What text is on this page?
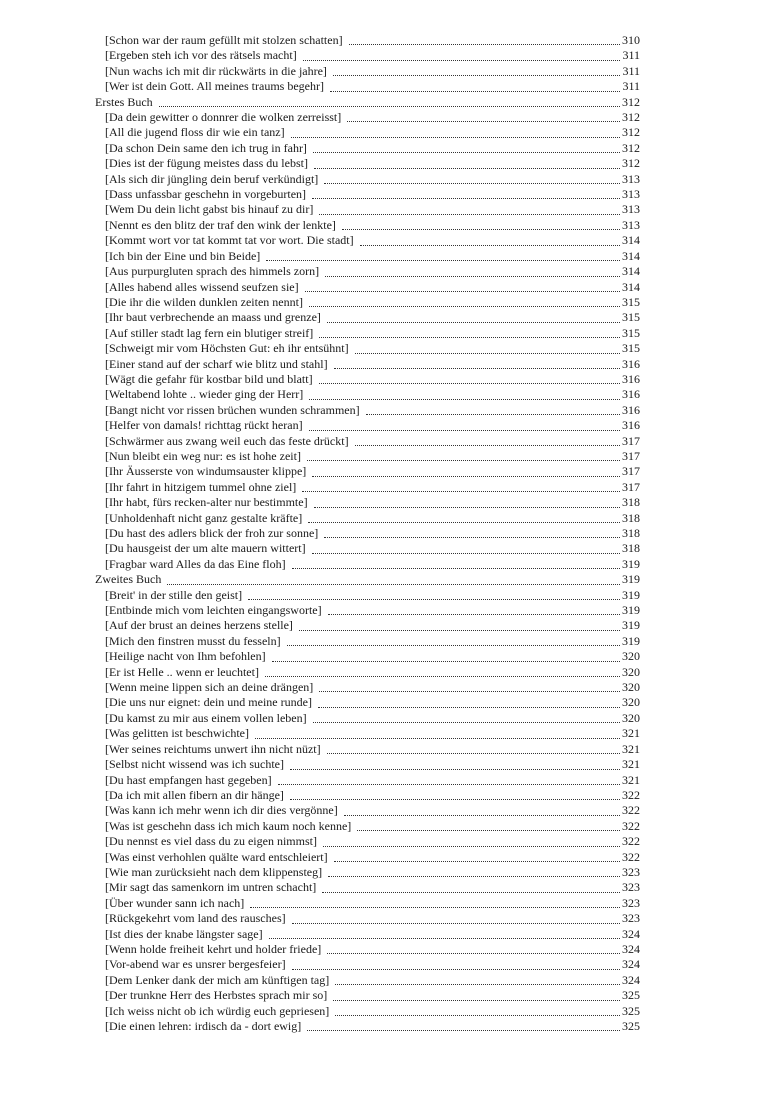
[Schon war der raum gefüllt mit stolzen schatten]	310
[Ergeben steh ich vor des rätsels macht]	311
[Nun wachs ich mit dir rückwärts in die jahre]	311
[Wer ist dein Gott. All meines traums begehr]	311
Erstes Buch	312
[Da dein gewitter o donnrer die wolken zerreisst]	312
[All die jugend floss dir wie ein tanz]	312
[Da schon Dein same den ich trug in fahr]	312
[Dies ist der fügung meistes dass du lebst]	312
[Als sich dir jüngling dein beruf verkündigt]	313
[Dass unfassbar geschehn in vorgeburten]	313
[Wem Du dein licht gabst bis hinauf zu dir]	313
[Nennt es den blitz der traf den wink der lenkte]	313
[Kommt wort vor tat kommt tat vor wort. Die stadt]	314
[Ich bin der Eine und bin Beide]	314
[Aus purpurgluten sprach des himmels zorn]	314
[Alles habend alles wissend seufzen sie]	314
[Die ihr die wilden dunklen zeiten nennt]	315
[Ihr baut verbrechende an maass und grenze]	315
[Auf stiller stadt lag fern ein blutiger streif]	315
[Schweigt mir vom Höchsten Gut: eh ihr entsühnt]	315
[Einer stand auf der scharf wie blitz und stahl]	316
[Wägt die gefahr für kostbar bild und blatt]	316
[Weltabend lohte .. wieder ging der Herr]	316
[Bangt nicht vor rissen brüchen wunden schrammen]	316
[Helfer von damals! richttag rückt heran]	316
[Schwärmer aus zwang weil euch das feste drückt]	317
[Nun bleibt ein weg nur: es ist hohe zeit]	317
[Ihr Äusserste von windumsauster klippe]	317
[Ihr fahrt in hitzigem tummel ohne ziel]	317
[Ihr habt, fürs recken-alter nur bestimmte]	318
[Unholdenhaft nicht ganz gestalte kräfte]	318
[Du hast des adlers blick der froh zur sonne]	318
[Du hausgeist der um alte mauern wittert]	318
[Fragbar ward Alles da das Eine floh]	319
Zweites Buch	319
[Breit' in der stille den geist]	319
[Entbinde mich vom leichten eingangsworte]	319
[Auf der brust an deines herzens stelle]	319
[Mich den finstren musst du fesseln]	319
[Heilige nacht von Ihm befohlen]	320
[Er ist Helle .. wenn er leuchtet]	320
[Wenn meine lippen sich an deine drängen]	320
[Die uns nur eignet: dein und meine runde]	320
[Du kamst zu mir aus einem vollen leben]	320
[Was gelitten ist beschwichte]	321
[Wer seines reichtums unwert ihn nicht nüzt]	321
[Selbst nicht wissend was ich suchte]	321
[Du hast empfangen hast gegeben]	321
[Da ich mit allen fibern an dir hänge]	322
[Was kann ich mehr wenn ich dir dies vergönne]	322
[Was ist geschehn dass ich mich kaum noch kenne]	322
[Du nennst es viel dass du zu eigen nimmst]	322
[Was einst verhohlen quälte ward entschleiert]	322
[Wie man zurücksieht nach dem klippensteg]	323
[Mir sagt das samenkorn im untren schacht]	323
[Über wunder sann ich nach]	323
[Rückgekehrt vom land des rausches]	323
[Ist dies der knabe längster sage]	324
[Wenn holde freiheit kehrt und holder friede]	324
[Vor-abend war es unsrer bergesfeier]	324
[Dem Lenker dank der mich am künftigen tag]	324
[Der trunkne Herr des Herbstes sprach mir so]	325
[Ich weiss nicht ob ich würdig euch gepriesen]	325
[Die einen lehren: irdisch da - dort ewig]	325
